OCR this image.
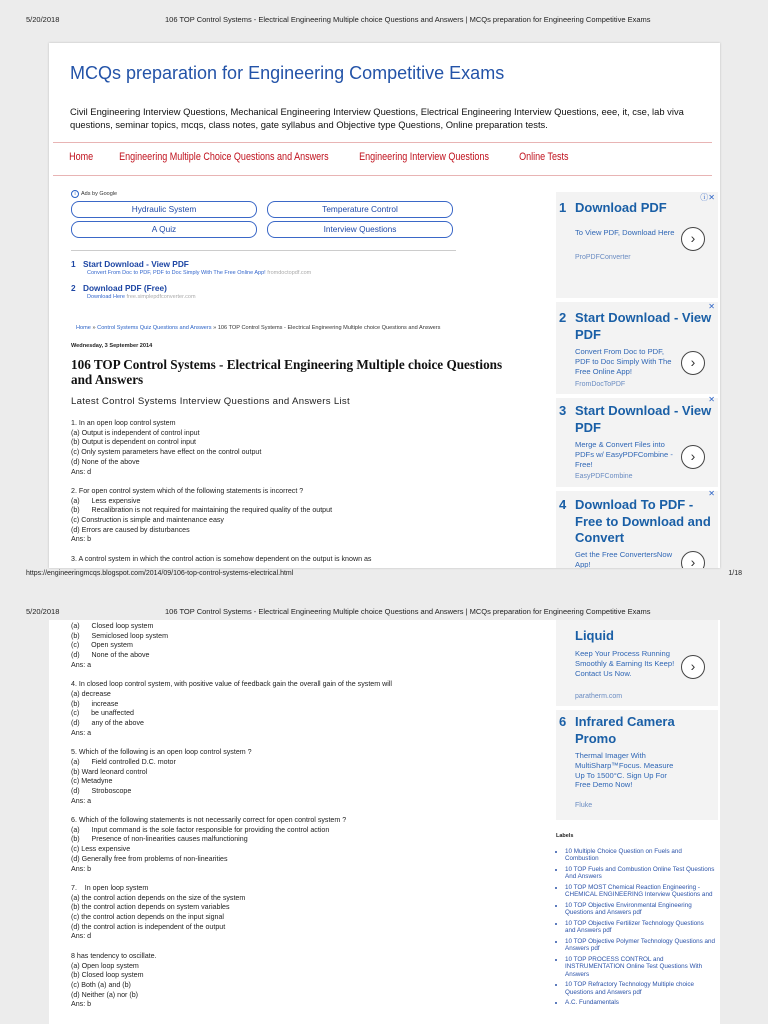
5/20/2018	106 TOP Control Systems - Electrical Engineering Multiple choice Questions and Answers | MCQs preparation for Engineering Competitive Exams
MCQs preparation for Engineering Competitive Exams
Civil Engineering Interview Questions, Mechanical Engineering Interview Questions, Electrical Engineering Interview Questions, eee, it, cse, lab viva questions, seminar topics, mcqs, class notes, gate syllabus and Objective type Questions, Online preparation tests.
Home	Engineering Multiple Choice Questions and Answers	Engineering Interview Questions	Online Tests
i Ads by Google
Hydraulic System	Temperature Control
A Quiz	Interview Questions
1 Start Download - View PDF
Convert From Doc to PDF, PDF to Doc Simply With The Free Online App! fromdoctopdf.com
2 Download PDF (Free)
Download Here free.simplepdfconverter.com
Home » Control Systems Quiz Questions and Answers » 106 TOP Control Systems - Electrical Engineering Multiple choice Questions and Answers
Wednesday, 3 September 2014
106 TOP Control Systems - Electrical Engineering Multiple choice Questions and Answers
Latest Control Systems Interview Questions and Answers List
1. In an open loop control system
(a) Output is independent of control input
(b) Output is dependent on control input
(c) Only system parameters have effect on the control output
(d) None of the above
Ans: d
2. For open control system which of the following statements is incorrect ?
(a)      Less expensive
(b)      Recalibration is not required for maintaining the required quality of the output
(c) Construction is simple and maintenance easy
(d) Errors are caused by disturbances
Ans: b
3. A control system in which the control action is somehow dependent on the output is known as
ⓘ✕
1 Download PDF
To View PDF, Download Here
ProPDFConverter
›
✕
2 Start Download - View PDF
Convert From Doc to PDF, PDF to Doc Simply With The Free Online App!
FromDocToPDF
›
✕
3 Start Download - View PDF
Merge & Convert Files into PDFs w/ EasyPDFCombine - Free!
EasyPDFCombine
›
✕
4 Download To PDF - Free to Download and Convert
Get the Free ConvertersNow App!	›
https://engineeringmcqs.blogspot.com/2014/09/106-top-control-systems-electrical.html	1/18
5/20/2018	106 TOP Control Systems - Electrical Engineering Multiple choice Questions and Answers | MCQs preparation for Engineering Competitive Exams
(a)      Closed loop system
(b)      Semiclosed loop system
(c)      Open system
(d)      None of the above
Ans: a
4. In closed loop control system, with positive value of feedback gain the overall gain of the system will
(a) decrease
(b)      increase
(c)      be unaffected
(d)      any of the above
Ans: a
5. Which of the following is an open loop control system ?
(a)      Field controlled D.C. motor
(b) Ward leonard control
(c) Metadyne
(d)      Stroboscope
Ans: a
6. Which of the following statements is not necessarily correct for open control system ?
(a)      Input command is the sole factor responsible for providing the control action
(b)      Presence of non-linearities causes malfunctioning
(c) Less expensive
(d) Generally free from problems of non-linearities
Ans: b
7.    In open loop system
(a) the control action depends on the size of the system
(b) the control action depends on system variables
(c) the control action depends on the input signal
(d) the control action is independent of the output
Ans: d
8 has tendency to oscillate.
(a) Open loop system
(b) Closed loop system
(c) Both (a) and (b)
(d) Neither (a) nor (b)
Ans: b
Liquid
Keep Your Process Running Smoothly & Earning Its Keep! Contact Us Now.
paratherm.com
›
6 Infrared Camera Promo
Thermal Imager With MultiSharp™Focus. Measure Up To 1500°C. Sign Up For Free Demo Now!
Fluke
Labels
• 10 Multiple Choice Question on Fuels and Combustion
• 10 TOP Fuels and Combustion Online Test Questions And Answers
• 10 TOP MOST Chemical Reaction Engineering - CHEMICAL ENGINEERING Interview Questions and
• 10 TOP Objective Environmental Engineering Questions and Answers pdf
• 10 TOP Objective Fertilizer Technology Questions and Answers pdf
• 10 TOP Objective Polymer Technology Questions and Answers pdf
• 10 TOP PROCESS CONTROL and INSTRUMENTATION Online Test Questions With Answers
• 10 TOP Refractory Technology Multiple choice Questions and Answers pdf
• A.C. Fundamentals
